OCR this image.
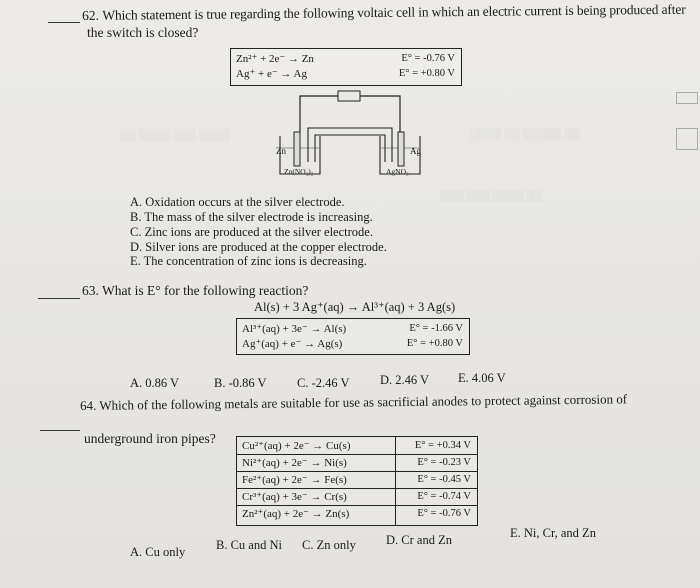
░░ ░░░░ ░░░ ░░░░	░░░░ ░░ ░░░░░ ░░
░░░ ░░░ ░░░░ ░░
62. Which statement is true regarding the following voltaic cell in which an electric current is being produced after
the switch is closed?
Zn²⁺ + 2e⁻ → Zn	E° = -0.76 V
Ag⁺ + e⁻ → Ag	E° = +0.80 V
Zn	Ag
Zn(NO₃)₂	AgNO₃
A. Oxidation occurs at the silver electrode.
B. The mass of the silver electrode is increasing.
C. Zinc ions are produced at the silver electrode.
D. Silver ions are produced at the copper electrode.
E. The concentration of zinc ions is decreasing.
63. What is E° for the following reaction?
Al(s) + 3 Ag⁺(aq) → Al³⁺(aq) + 3 Ag(s)
Al³⁺(aq) + 3e⁻ → Al(s)	E° = -1.66 V
Ag⁺(aq) + e⁻ → Ag(s)	E° = +0.80 V
A. 0.86 V	B. -0.86 V C. -2.46 V D. 2.46 V E. 4.06 V
64. Which of the following metals are suitable for use as sacrificial anodes to protect against corrosion of
underground iron pipes? Cu²⁺(aq) + 2e⁻ → Cu(s)	E° = +0.34 V
Ni²⁺(aq) + 2e⁻ → Ni(s)	E° = -0.23 V
Fe²⁺(aq) + 2e⁻ → Fe(s)	E° = -0.45 V
Cr³⁺(aq) + 3e⁻ → Cr(s)	E° = -0.74 V
Zn²⁺(aq) + 2e⁻ → Zn(s)	E° = -0.76 V
A. Cu only B. Cu and Ni C. Zn only D. Cr and Zn	E. Ni, Cr, and Zn
